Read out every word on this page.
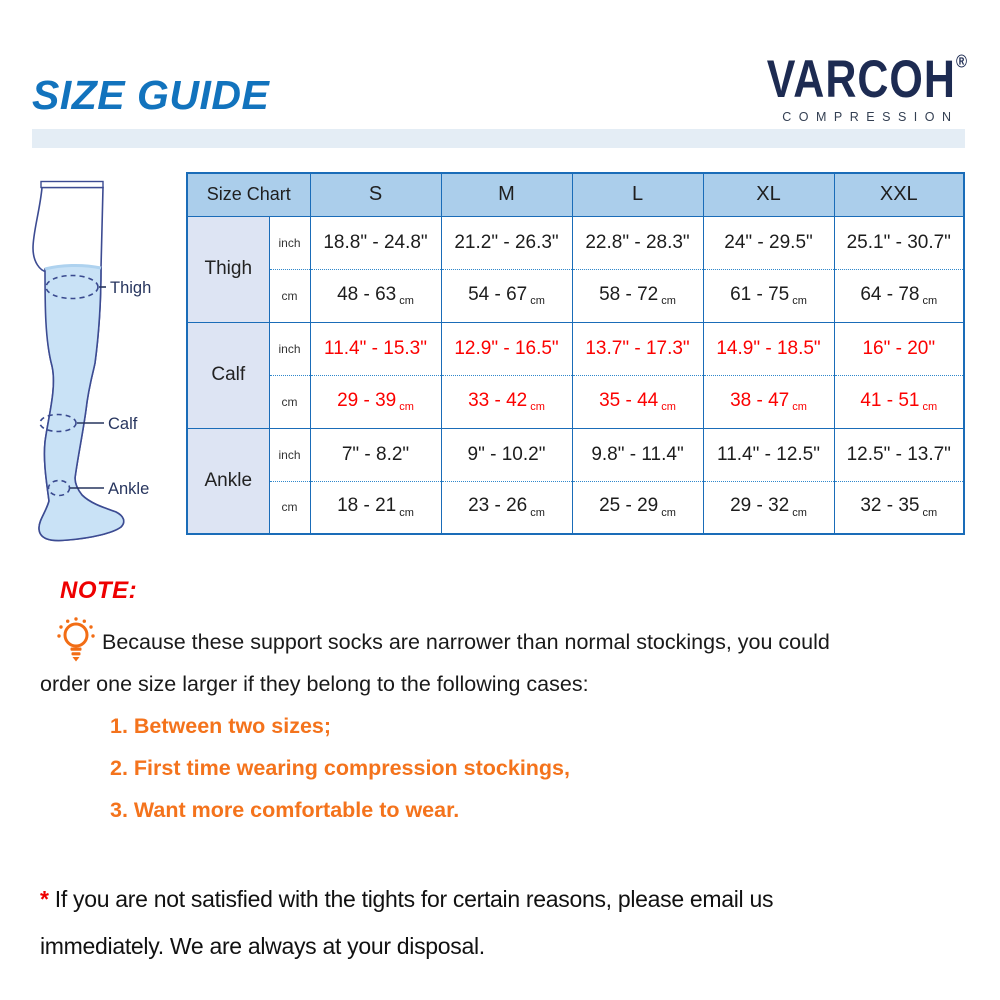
SIZE GUIDE	VARCOH®
COMPRESSION
Thigh
Calf
Ankle
Size Chart		S	M	L	XL	XXL
Thigh	inch	18.8" - 24.8"	21.2" - 26.3"	22.8" - 28.3"	24" - 29.5"	25.1" - 30.7"
	cm	48 - 63 $_{cm}$	54 - 67 $_{cm}$	58 - 72 $_{cm}$	61 - 75 $_{cm}$	64 - 78 $_{cm}$
Calf	inch	11.4" - 15.3"	12.9" - 16.5"	13.7" - 17.3"	14.9" - 18.5"	16" - 20"
	cm	29 - 39 $_{cm}$	33 - 42 $_{cm}$	35 - 44 $_{cm}$	38 - 47 $_{cm}$	41 - 51 $_{cm}$
Ankle	inch	7" - 8.2"	9" - 10.2"	9.8" - 11.4"	11.4" - 12.5"	12.5" - 13.7"
	cm	18 - 21 $_{cm}$	23 - 26 $_{cm}$	25 - 29 $_{cm}$	29 - 32 $_{cm}$	32 - 35 $_{cm}$
NOTE:
Because these support socks are narrower than normal stockings, you could
order one size larger if they belong to the following cases:
1. Between two sizes;
2. First time wearing compression stockings,
3. Want more comfortable to wear.
* If you are not satisfied with the tights for certain reasons, please email us
immediately. We are always at your disposal.
